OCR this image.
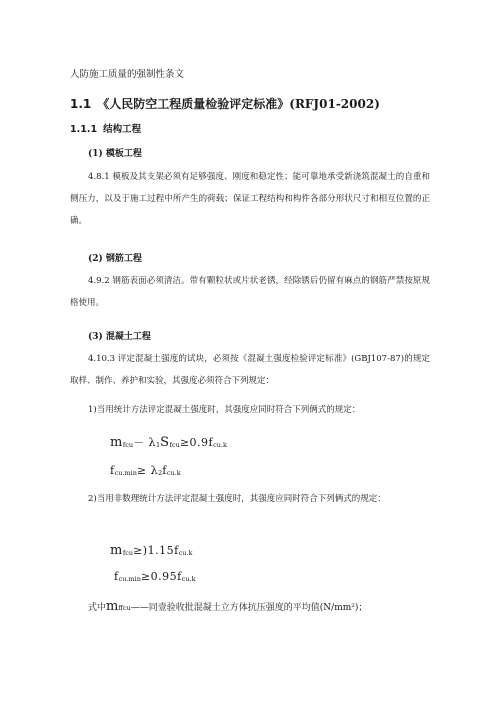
人防施工质量的强制性条文
1.1 《人民防空工程质量检验评定标准》(RFJ01-2002)
1.1.1 结构工程
(1) 模板工程
4.8.1 模板及其支架必须有足够强度、刚度和稳定性；能可靠地承受新浇筑混凝土的自重和侧压力，以及于施工过程中所产生的荷载；保证工程结构和构件各部分形状尺寸和相互位置的正确。
(2) 钢筋工程
4.9.2 钢筋表面必须清洁。带有颗粒状或片状老锈，经除锈后仍留有麻点的钢筋严禁按原规格使用。
(3) 混凝土工程
4.10.3 评定混凝土强度的试块，必须按《混凝土强度检验评定标准》(GBJ107-87)的规定取样、制作、养护和实验，其强度必须符合下列规定：
1)当用统计方法评定混凝土强度时，其强度应同时符合下列俩式的规定：
mfcu－ λ1Sfcu≥0.9fcu.k
fcu.min≥ λ2fcu.k
2)当用非数理统计方法评定混凝土强度时，其强度应同时符合下列俩式的规定：
mfcu≥)1.15fcu.k
fcu.min≥0.95fcu.k
式中mffcu——同壹验收批混凝土立方体抗压强度的平均值(N/mm²)；
